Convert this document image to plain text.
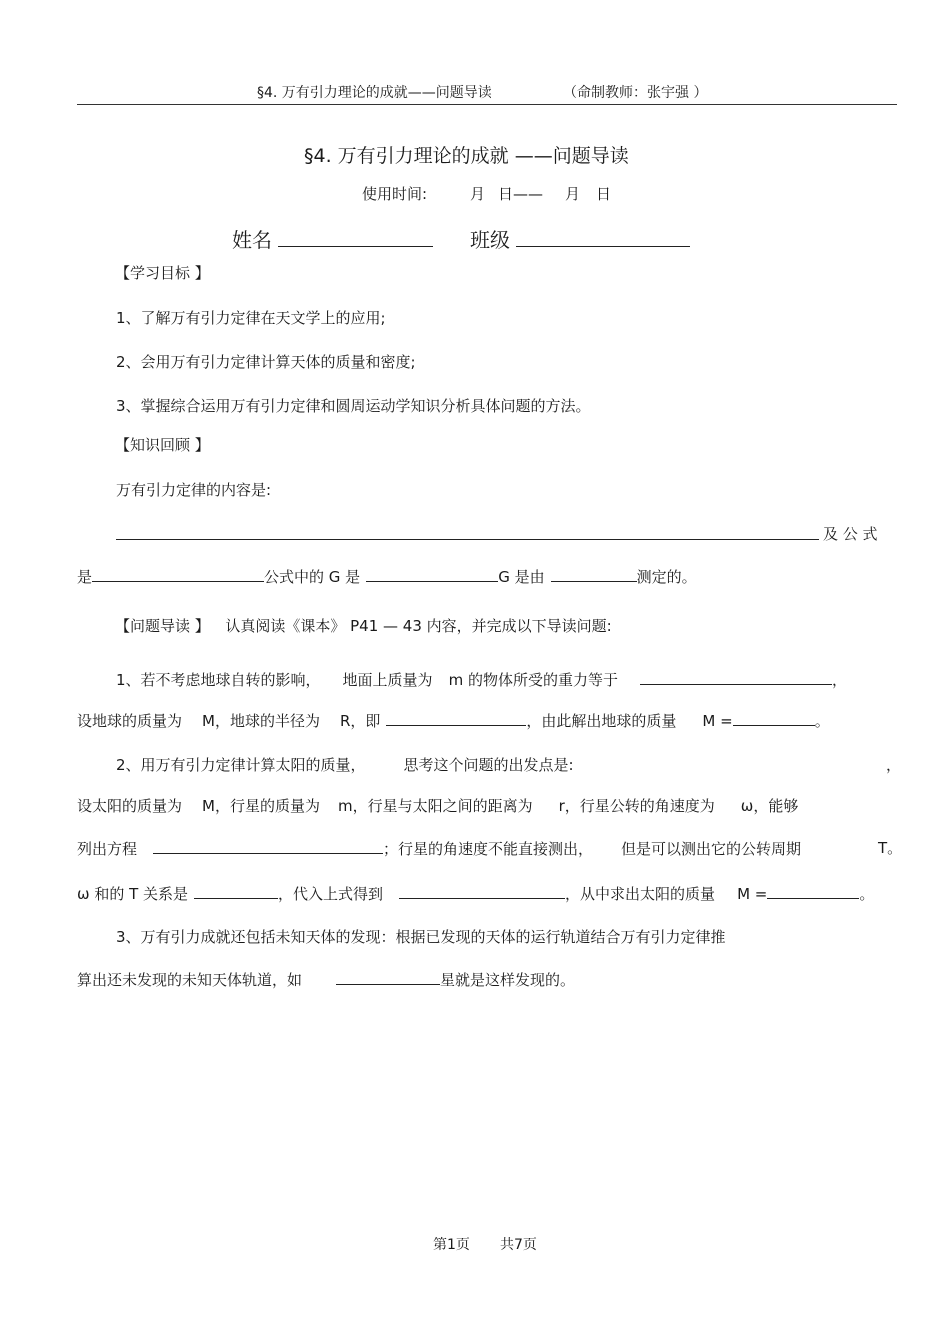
§4. 万有引力理论的成就——问题导读	（命制教师：张宇强 ）
§4. 万有引力理论的成就 ——问题导读
使用时间:	月 日—— 月 日
姓名	班级
【学习目标 】
1、了解万有引力定律在天文学上的应用;
2、会用万有引力定律计算天体的质量和密度;
3、掌握综合运用万有引力定律和圆周运动学知识分析具体问题的方法。
【知识回顾 】
万有引力定律的内容是:
及 公 式
是	公式中的 G 是	G 是由	测定的。
【问题导读 】 认真阅读《课本》 P41 — 43 内容，并完成以下导读问题:
1、若不考虑地球自转的影响， 地面上质量为 m 的物体所受的重力等于	，
设地球的质量为 M，地球的半径为 R，即	，由此解出地球的质量 M =	。
2、用万有引力定律计算太阳的质量，	思考这个问题的出发点是:	，
设太阳的质量为 M，行星的质量为 m，行星与太阳之间的距离为 r，行星公转的角速度为 ω，能够
列出方程	；行星的角速度不能直接测出， 但是可以测出它的公转周期	T。
ω 和的 T 关系是	，代入上式得到	，从中求出太阳的质量 M =	。
3、万有引力成就还包括未知天体的发现：根据已发现的天体的运行轨道结合万有引力定律推
算出还未发现的未知天体轨道，如	星就是这样发现的。
第1页 共7页
